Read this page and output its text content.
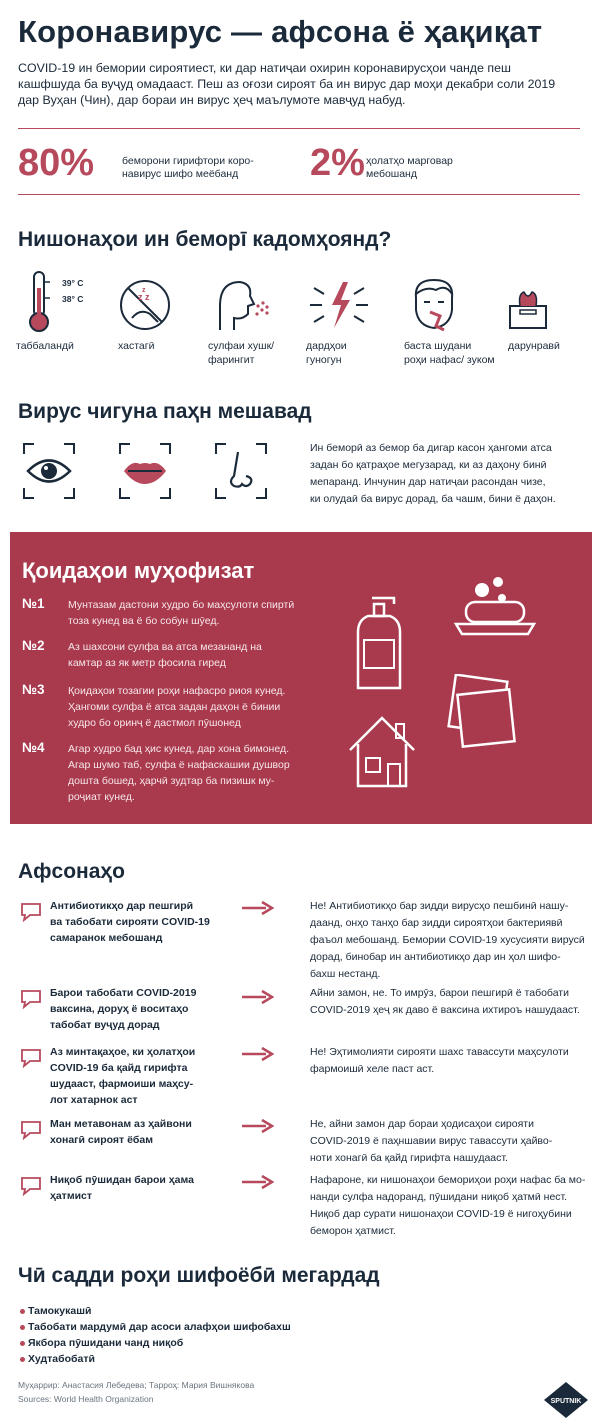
Коронавирус — афсона ё ҳақиқат
COVID-19 ин бемории сироятиест, ки дар натиҷаи охирин коронавирусҳои чанде пеш
кашфшуда ба вуҷуд омадааст. Пеш аз оғози сироят ба ин вирус дар моҳи декабри соли 2019
дар Вуҳан (Чин), дар бораи ин вирус ҳеҷ маълумоте мавҷуд набуд.
80%	беморони гирифтори коро-
навирус шифо меёбанд	2% ҳолатҳо марговар
мебошанд
Нишонаҳои ин беморī кадомҳоянд?
39° C
38° C	z z
z
таббаландӣ	хастагӣ	сулфаи хушк/
фарингит
дардҳои
гуногун
баста шудани
роҳи нафас/ зуком
дарунравӣ
Вирус чигуна паҳн мешавад
Ин беморӣ аз бемор ба дигар касон ҳангоми атса
задан бо қатраҳое мегузарад, ки аз даҳону бинӣ
мепаранд. Инчунин дар натиҷаи расондан чизе,
ки олудаӣ ба вирус дорад, ба чашм, бини ё даҳон.
Қоидаҳои муҳофизат
№1 Мунтазам дастони худро бо маҳсулоти спиртӣ
тоза кунед ва ё бо собун шӯед.
№2 Аз шахсони сулфа ва атса мезананд на
камтар аз як метр фосила гиред
№3 Қоидаҳои тозагии роҳи нафасро риоя кунед.
Ҳангоми сулфа ё атса задан даҳон ё бинии
худро бо оринҷ ё дастмол пӯшонед
№4 Агар худро бад ҳис кунед, дар хона бимонед.
Агар шумо таб, сулфа ё нафаскашии душвор
дошта бошед, ҳарчӣ зудтар ба пизишк му-
роҷиат кунед.
Афсонаҳо
Антибиотикҳо дар пешгирӣ
ва табобати сирояти COVID-19
самаранок мебошанд
Не! Антибиотикҳо бар зидди вирусҳо пешбинӣ нашу-
даанд, онҳо танҳо бар зидди сироятҳои бактериявӣ
фаъол мебошанд. Бемории COVID-19 хусусияти вирусӣ
дорад, бинобар ин антибиотикҳо дар ин ҳол шифо-
бахш нестанд.
Барои табобати COVID-2019
ваксина, доруҳ ё воситаҳо
табобат вуҷуд дорад
Айни замон, не. То имрӯз, барои пешгирӣ ё табобати
COVID-2019 ҳеҷ як даво ё ваксина ихтироъ нашудааст.
Аз минтақаҳое, ки ҳолатҳои
COVID-19 ба қайд гирифта
шудааст, фармоиши маҳсу-
лот хатарнок аст
Не! Эҳтимолияти сирояти шахс тавассути маҳсулоти
фармоишӣ хеле паст аст.
Ман метавонам аз ҳайвони
хонагӣ сироят ёбам
Не, айни замон дар бораи ҳодисаҳои сирояти
COVID-2019 ё паҳншавии вирус тавассути ҳайво-
ноти хонагӣ ба қайд гирифта нашудааст.
Ниқоб пӯшидан барои ҳама
ҳатмист
Нафароне, ки нишонаҳои бемориҳои роҳи нафас ба мо-
нанди сулфа надоранд, пӯшидани ниқоб ҳатмӣ нест.
Ниқоб дар сурати нишонаҳои COVID-19 ё нигоҳубини
беморон ҳатмист.
Чӣ садди роҳи шифоёбӣ мегардад
Тамокукашӣ
Табобати мардумӣ дар асоси алафҳои шифобахш
Якбора пӯшидани чанд ниқоб
Худтабобатӣ
Муҳаррир: Анастасия Лебедева; Тарроҳ: Мария Вишнякова
Sources: World Health Organization	SPUTNIK
